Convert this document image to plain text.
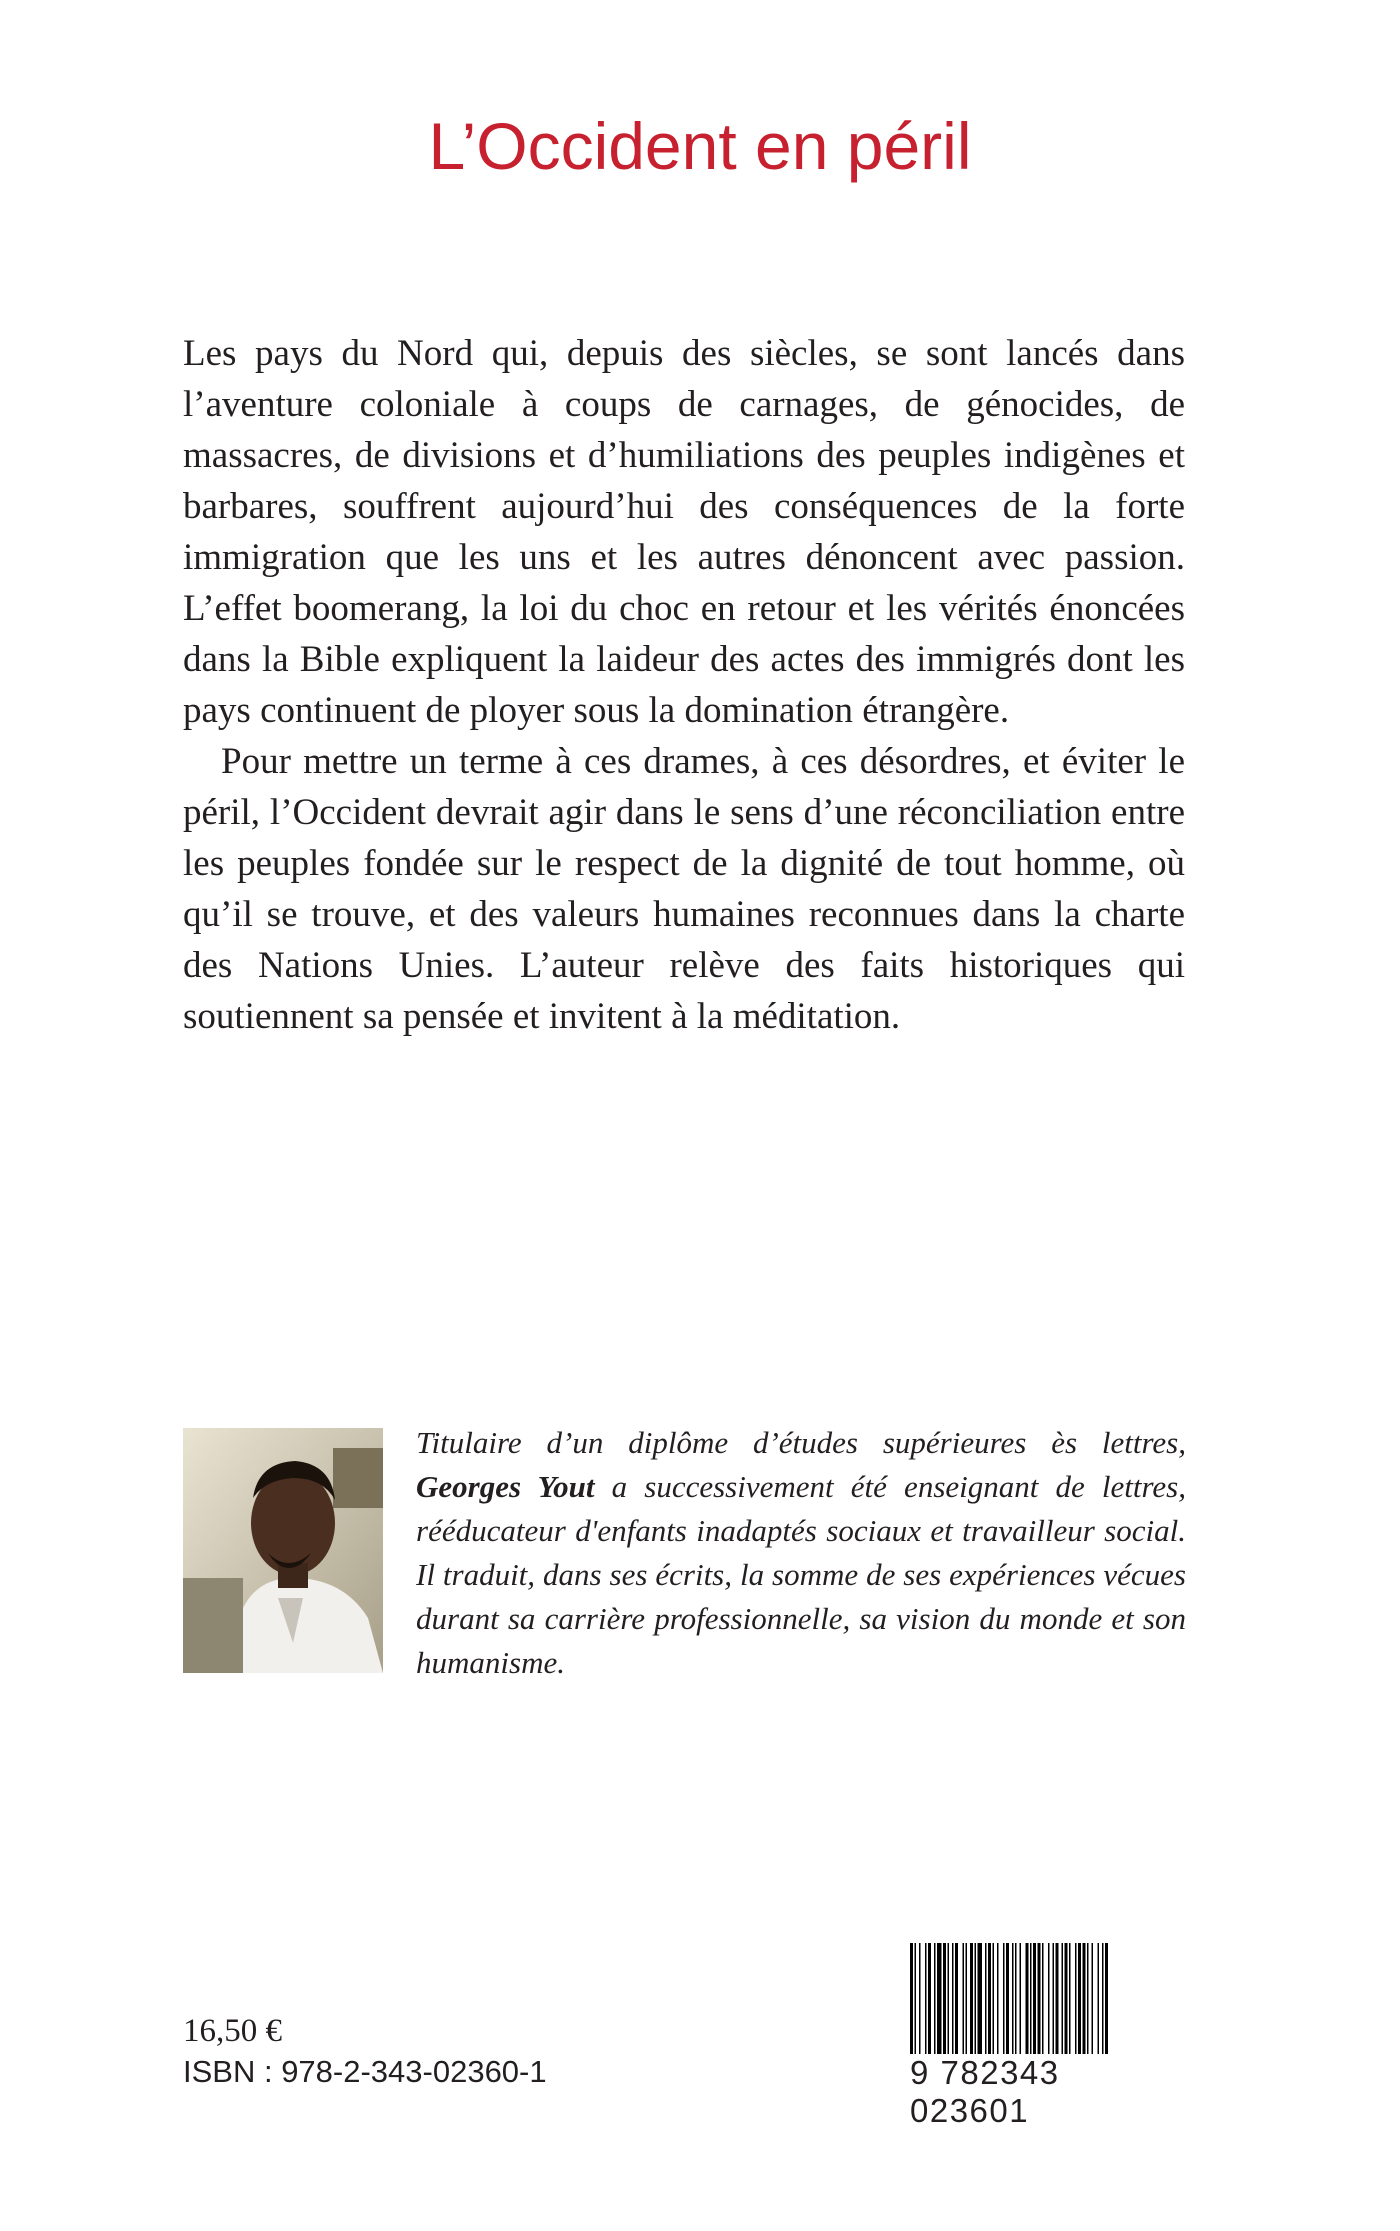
L’Occident en péril

Les pays du Nord qui, depuis des siècles, se sont lancés dans l’aventure coloniale à coups de carnages, de génocides, de massacres, de divisions et d’humiliations des peuples indigènes et barbares, souffrent aujourd’hui des conséquences de la forte immigration que les uns et les autres dénoncent avec passion. L’effet boomerang, la loi du choc en retour et les vérités énoncées dans la Bible expliquent la laideur des actes des immigrés dont les pays continuent de ployer sous la domination étrangère.

Pour mettre un terme à ces drames, à ces désordres, et éviter le péril, l’Occident devrait agir dans le sens d’une réconciliation entre les peuples fondée sur le respect de la dignité de tout homme, où qu’il se trouve, et des valeurs humaines reconnues dans la charte des Nations Unies. L’auteur relève des faits historiques qui soutiennent sa pensée et invitent à la méditation.

Titulaire d’un diplôme d’études supérieures ès lettres, Georges Yout a successivement été enseignant de lettres, rééducateur d'enfants inadaptés sociaux et travailleur social. Il traduit, dans ses écrits, la somme de ses expériences vécues durant sa carrière professionnelle, sa vision du monde et son humanisme.
16,50 €
ISBN : 978-2-343-02360-1	9 782343 023601
